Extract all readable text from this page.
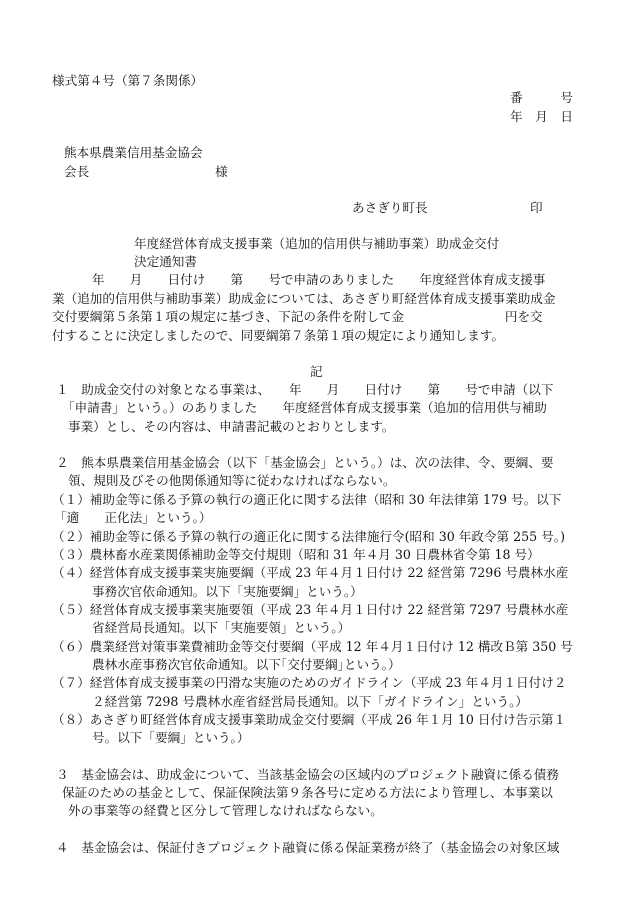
様式第４号（第７条関係）
番　　　号
年　月　日
熊本県農業信用基金協会
会長　　　　　　　　　　様
あさぎり町長	印
年度経営体育成支援事業（追加的信用供与補助事業）助成金交付
決定通知書
年　　月　　日付け　　第　　号で申請のありました　　年度経営体育成支援事
業（追加的信用供与補助事業）助成金については、あさぎり町経営体育成支援事業助成金
交付要綱第５条第１項の規定に基づき、下記の条件を附して金　　　　　　　　円を交
付することに決定しましたので、同要綱第７条第１項の規定により通知します。
記
１　助成金交付の対象となる事業は、　　年　　月　　日付け　　第　　号で申請（以下
「申請書」という。）のありました　　年度経営体育成支援事業（追加的信用供与補助
事業）とし、その内容は、申請書記載のとおりとします。
２　熊本県農業信用基金協会（以下「基金協会」という。）は、次の法律、令、要綱、要
領、規則及びその他関係通知等に従わなければならない。
（１）補助金等に係る予算の執行の適正化に関する法律（昭和 30 年法律第 179 号。以下
「適　　正化法」という。）
（２）補助金等に係る予算の執行の適正化に関する法律施行令(昭和 30 年政令第 255 号。)
（３）農林畜水産業関係補助金等交付規則（昭和 31 年４月 30 日農林省令第 18 号）
（４）経営体育成支援事業実施要綱（平成 23 年４月１日付け 22 経営第 7296 号農林水産
事務次官依命通知。以下「実施要綱」という。）
（５）経営体育成支援事業実施要領（平成 23 年４月１日付け 22 経営第 7297 号農林水産
省経営局長通知。以下「実施要領」という。）
（６）農業経営対策事業費補助金等交付要綱（平成 12 年４月１日付け 12 構改Ｂ第 350 号
農林水産事務次官依命通知。以下｢交付要綱｣という。）
（７）経営体育成支援事業の円滑な実施のためのガイドライン（平成 23 年４月１日付け２
２経営第 7298 号農林水産省経営局長通知。以下「ガイドライン」という。）
（８）あさぎり町経営体育成支援事業助成金交付要綱（平成 26 年１月 10 日付け告示第１
号。以下「要綱」という。）
３　基金協会は、助成金について、当該基金協会の区域内のプロジェクト融資に係る債務
保証のための基金として、保証保険法第９条各号に定める方法により管理し、本事業以
外の事業等の経費と区分して管理しなければならない。
４　基金協会は、保証付きプロジェクト融資に係る保証業務が終了（基金協会の対象区域
